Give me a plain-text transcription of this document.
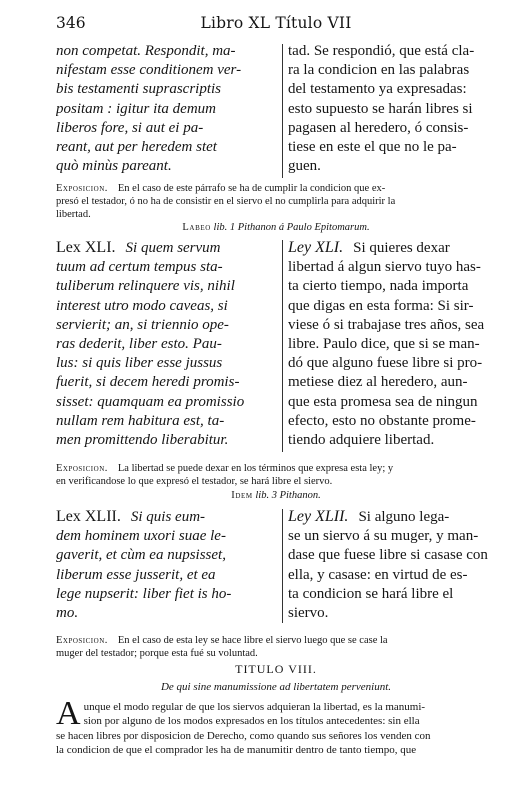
346	Libro XL Título VII
non competat. Respondit, ma-
nifestam esse conditionem ver-
bis testamenti suprascriptis
positam : igitur ita demum
liberos fore, si aut ei pa-
reant, aut per heredem stet
quò minùs pareant.
tad. Se respondió, que está cla-
ra la condicion en las palabras
del testamento ya expresadas:
esto supuesto se harán libres si
pagasen al heredero, ó consis-
tiese en este el que no le pa-
guen.
Exposicion. En el caso de este párrafo se ha de cumplir la condicion que ex-
presó el testador, ó no ha de consistir en el siervo el no cumplirla para adquirir la
libertad.
Labeo lib. 1 Pithanon á Paulo Epitomarum.
Lex XLI. Si quem servum
tuum ad certum tempus sta-
tuliberum relinquere vis, nihil
interest utro modo caveas, si
servierit; an, si triennio ope-
ras dederit, liber esto. Pau-
lus: si quis liber esse jussus
fuerit, si decem heredi promis-
sisset: quamquam ea promissio
nullam rem habitura est, ta-
men promittendo liberabitur.
Ley XLI. Si quieres dexar
libertad á algun siervo tuyo has-
ta cierto tiempo, nada importa
que digas en esta forma: Si sir-
viese ó si trabajase tres años, sea
libre. Paulo dice, que si se man-
dó que alguno fuese libre si pro-
metiese diez al heredero, aun-
que esta promesa sea de ningun
efecto, esto no obstante prome-
tiendo adquiere libertad.
Exposicion. La libertad se puede dexar en los términos que expresa esta ley; y
en verificandose lo que expresó el testador, se hará libre el siervo.
Idem lib. 3 Pithanon.
Lex XLII. Si quis eum-
dem hominem uxori suae le-
gaverit, et cùm ea nupsisset,
liberum esse jusserit, et ea
lege nupserit: liber fiet is ho-
mo.
Ley XLII. Si alguno lega-
se un siervo á su muger, y man-
dase que fuese libre si casase con
ella, y casase: en virtud de es-
ta condicion se hará libre el
siervo.
Exposicion. En el caso de esta ley se hace libre el siervo luego que se case la
muger del testador; porque esta fué su voluntad.
TITULO VIII.
De qui sine manumissione ad libertatem perveniunt.
A unque el modo regular de que los siervos adquieran la libertad, es la manumi-
sion por alguno de los modos expresados en los títulos antecedentes: sin ella
se hacen libres por disposicion de Derecho, como quando sus señores los venden con
la condicion de que el comprador les ha de manumitir dentro de tanto tiempo, que
